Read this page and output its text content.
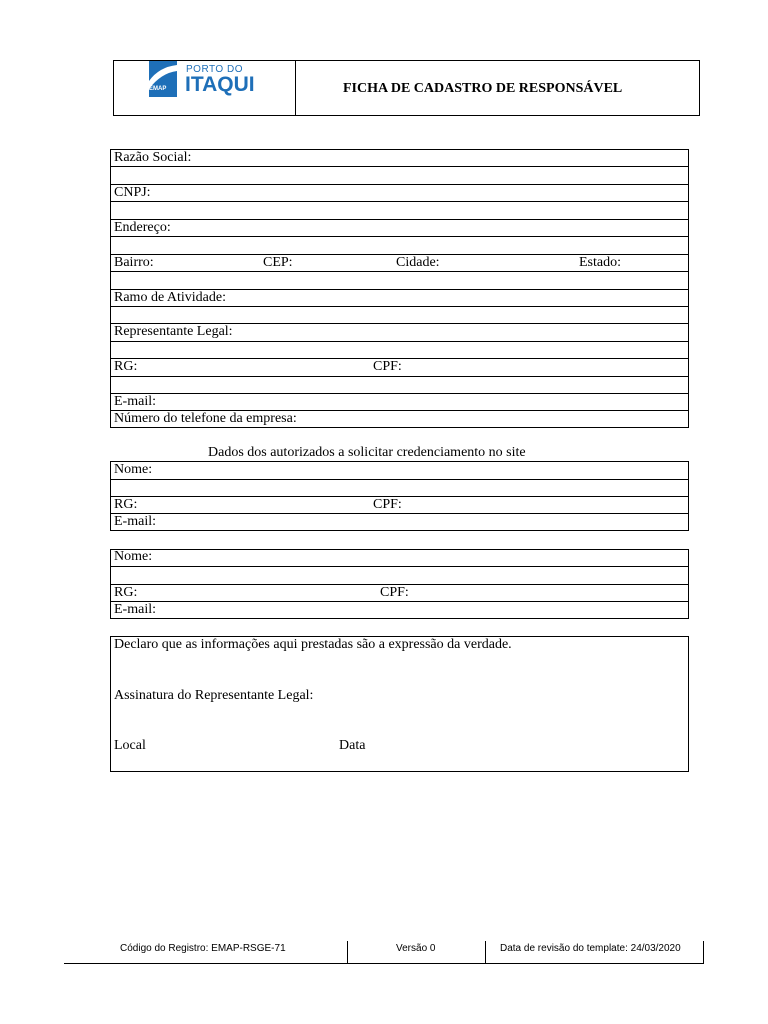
EMAP
PORTO DO
ITAQUI	FICHA DE CADASTRO DE RESPONSÁVEL
Razão Social:
CNPJ:
Endereço:
Bairro:	CEP:	Cidade:	Estado:
Ramo de Atividade:
Representante Legal:
RG:	CPF:
E-mail:
Número do telefone da empresa:
Dados dos autorizados a solicitar credenciamento no site
Nome:
RG:	CPF:
E-mail:
Nome:
RG:	CPF:
E-mail:
Declaro que as informações aqui prestadas são a expressão da verdade.
Assinatura do Representante Legal:
Local	Data
Código do Registro: EMAP-RSGE-71	Versão 0	Data de revisão do template: 24/03/2020
